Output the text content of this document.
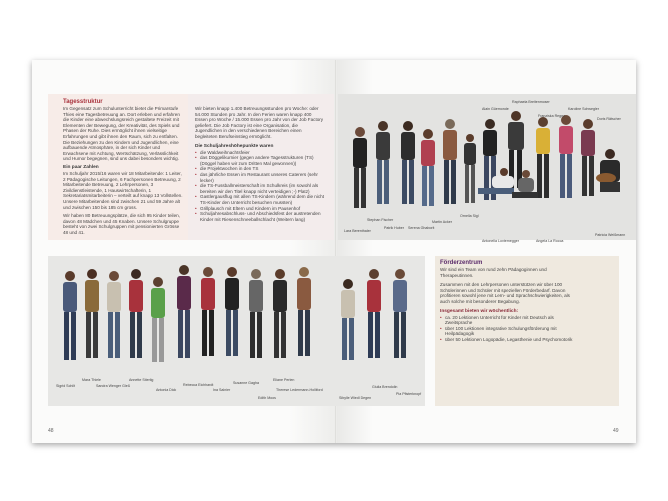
Tagesstruktur
Im Gegensatz zum Schulunterricht bietet die Primarstufe Thies eine Tagesbetreuung an. Dort erleben und erfahren die Kinder eine abwechslungsreich gestaltete Freizeit mit Elementen der Bewegung, der Kreativität, des Spiels und Phasen der Ruhe. Dies ermöglicht ihnen vielseitige Erfahrungen und gibt ihnen den Raum, sich zu entfalten. Die Beziehungen zu den Kindern und Jugendlichen, eine aufbauende Atmosphäre, in der sich Kinder und Erwachsene mit Achtung, Wertschätzung, Verlässlichkeit und Humor begegnen, sind uns dabei besonders wichtig.
Ein paar Zahlen
Im Schuljahr 2015/16 waren wir 18 Mitarbeitende: 1 Leiter, 2 Pädagogische Leitungen, 6 Fachpersonen Betreuung, 2 Mitarbeitende Betreuung, 2 Lehrpersonen, 3 Zivildienstleistende, 1 Hauswirtschafterin, 1 Sekretariatsmitarbeiterin – verteilt auf knapp 13 Vollstellen. Unsere Mitarbeitenden sind zwischen 21 und 59 Jahre alt und zwischen 150 bis 185 cm gross.
Wir haben 80 Betreuungsplätze, die sich 95 Kinder teilen, davon 48 Mädchen und 45 Knaben. Unsere Schulgruppe besteht von zwei Schulgruppen mit pensionierten Grösse 48 und 41.
Wir bieten knapp 1.400 Betreuungsstunden pro Woche: oder 54.000 Stunden pro Jahr. In den Ferien waren knapp 400 Essen pro Woche / 15.000 Essen pro Jahr von der Job Factory geliefert. Die Job Factory ist eine Organisation, die Jugendlichen in den verschiedenen Bereichen einen begleiteten Berufseinstieg ermöglicht.
Die Schuljahreshöhepunkte waren
• die Waldweihnachtsfeier
• das Döggelikurnier (gegen andere Tagesstrukturen (TS) (Döggel haben wir zum Dritten Mal gewonnen))
• die Projektwochen in den TS
• das jährliche Essen im Restaurant unseres Caterers (sehr lecker)
• die TS-Fussballmeisterschaft im Schulkreis (im sowohl als bereiten wir den Titel knapp nicht verteidigen ;-) Platz)
• Gastlergausflug mit allen TS-Kindern (während dem die nicht TS-Kinder den Unterricht besuchen mussten)
• Grillplausch mit Eltern und Kindern im Pausenhof
• Schuljahresabschluss- und Abschiedsfest der austretenden Kinder mit Riesenschneeballschlacht (Weitern lang)
Alain Güemonde
Raphaela Breitenmoser
Franziska Regez
Karoline Schwegler
Doris Rätscher
Stephan Fischer
Patrik Huber Serena Ghaborit
Martin Acker
Ornella Sigl
Lara Berenthaler
Antonella Loxtemegger	Angela La Rocca
Patricia Weißmann
Sigrid Schilt
Mara Thiele
Sandra Wenger Gleß
Annette Stierlig
Antonia Dick
Rebecca Eichhardt
Ina Salnier
Susanne Gagha
Edith Moos
Eliane Perlen
Therese Ledermann-Holliford
Sibylle Wiedl Degen
Giulia Brendolin
Pia Pfisterknopf
Förderzentrum
Wir sind ein Team von rund zehn Pädagoginnen und Therapeutinnen.
Zusammen mit den Lehrpersonen unterstützen wir über 100 Schülerinnen und Schüler mit speziellen Förderbedarf. Davon profitieren sowohl jene mit Lern- und Sprachschwierigkeiten, als auch solche mit besonderer Begabung.
Insgesamt bieten wir wöchentlich:
• ca. 20 Lektionen Unterricht für Kinder mit Deutsch als Zweitsprache
• über 100 Lektionen integrative Schulungsförderung mit Heilpädagogik
• über 50 Lektionen Logopädie, Legasthenie und Psychomotorik
48	49
